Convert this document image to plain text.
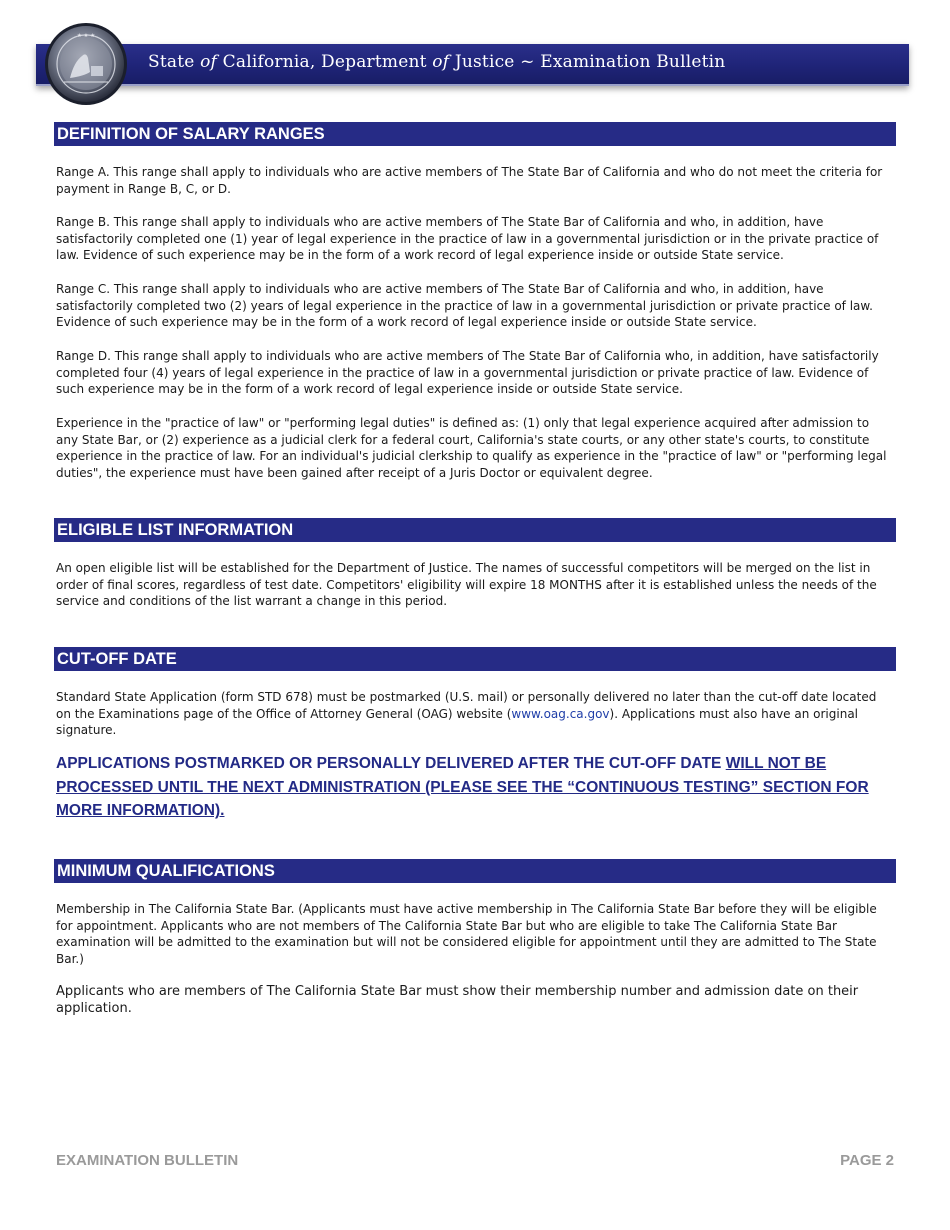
State of California, Department of Justice ~ Examination Bulletin
★ ★ ★
DEFINITION OF SALARY RANGES

Range A. This range shall apply to individuals who are active members of The State Bar of California and who do not meet the criteria for payment in Range B, C, or D.

Range B. This range shall apply to individuals who are active members of The State Bar of California and who, in addition, have satisfactorily completed one (1) year of legal experience in the practice of law in a governmental jurisdiction or in the private practice of law. Evidence of such experience may be in the form of a work record of legal experience inside or outside State service.

Range C. This range shall apply to individuals who are active members of The State Bar of California and who, in addition, have satisfactorily completed two (2) years of legal experience in the practice of law in a governmental jurisdiction or private practice of law. Evidence of such experience may be in the form of a work record of legal experience inside or outside State service.

Range D. This range shall apply to individuals who are active members of The State Bar of California who, in addition, have satisfactorily completed four (4) years of legal experience in the practice of law in a governmental jurisdiction or private practice of law. Evidence of such experience may be in the form of a work record of legal experience inside or outside State service.

Experience in the "practice of law" or "performing legal duties" is defined as: (1) only that legal experience acquired after admission to any State Bar, or (2) experience as a judicial clerk for a federal court, California's state courts, or any other state's courts, to constitute experience in the practice of law. For an individual's judicial clerkship to qualify as experience in the "practice of law" or "performing legal duties", the experience must have been gained after receipt of a Juris Doctor or equivalent degree.

ELIGIBLE LIST INFORMATION

An open eligible list will be established for the Department of Justice. The names of successful competitors will be merged on the list in order of final scores, regardless of test date. Competitors' eligibility will expire 18 MONTHS after it is established unless the needs of the service and conditions of the list warrant a change in this period.

CUT-OFF DATE

Standard State Application (form STD 678) must be postmarked (U.S. mail) or personally delivered no later than the cut-off date located on the Examinations page of the Office of Attorney General (OAG) website (www.oag.ca.gov). Applications must also have an original signature.

APPLICATIONS POSTMARKED OR PERSONALLY DELIVERED AFTER THE CUT-OFF DATE WILL NOT BE PROCESSED UNTIL THE NEXT ADMINISTRATION (PLEASE SEE THE “CONTINUOUS TESTING” SECTION FOR MORE INFORMATION).

MINIMUM QUALIFICATIONS

Membership in The California State Bar. (Applicants must have active membership in The California State Bar before they will be eligible for appointment. Applicants who are not members of The California State Bar but who are eligible to take The California State Bar examination will be admitted to the examination but will not be considered eligible for appointment until they are admitted to The State Bar.)

Applicants who are members of The California State Bar must show their membership number and admission date on their application.

EXAMINATION BULLETIN	PAGE 2
